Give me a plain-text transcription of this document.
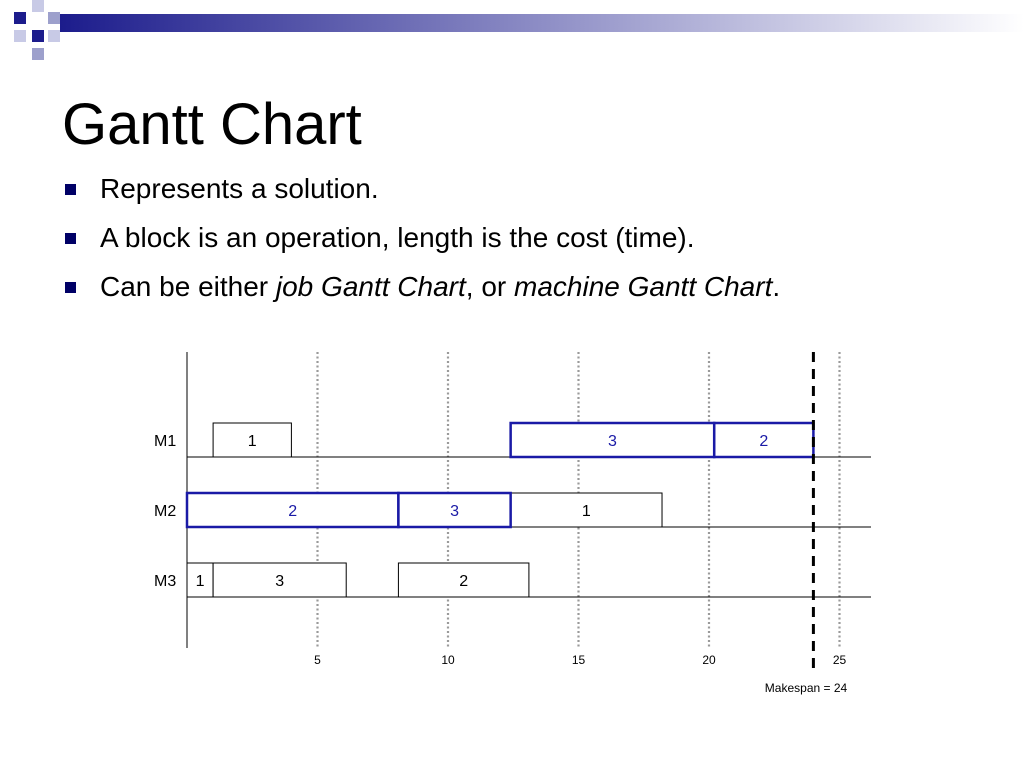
Gantt Chart
Represents a solution.
A block is an operation, length is the cost (time).
Can be either job Gantt Chart, or machine Gantt Chart.
5	10	15	20	25
M1
M2
M3
1
1
1	3	2
3	2
2	3
Makespan = 24
